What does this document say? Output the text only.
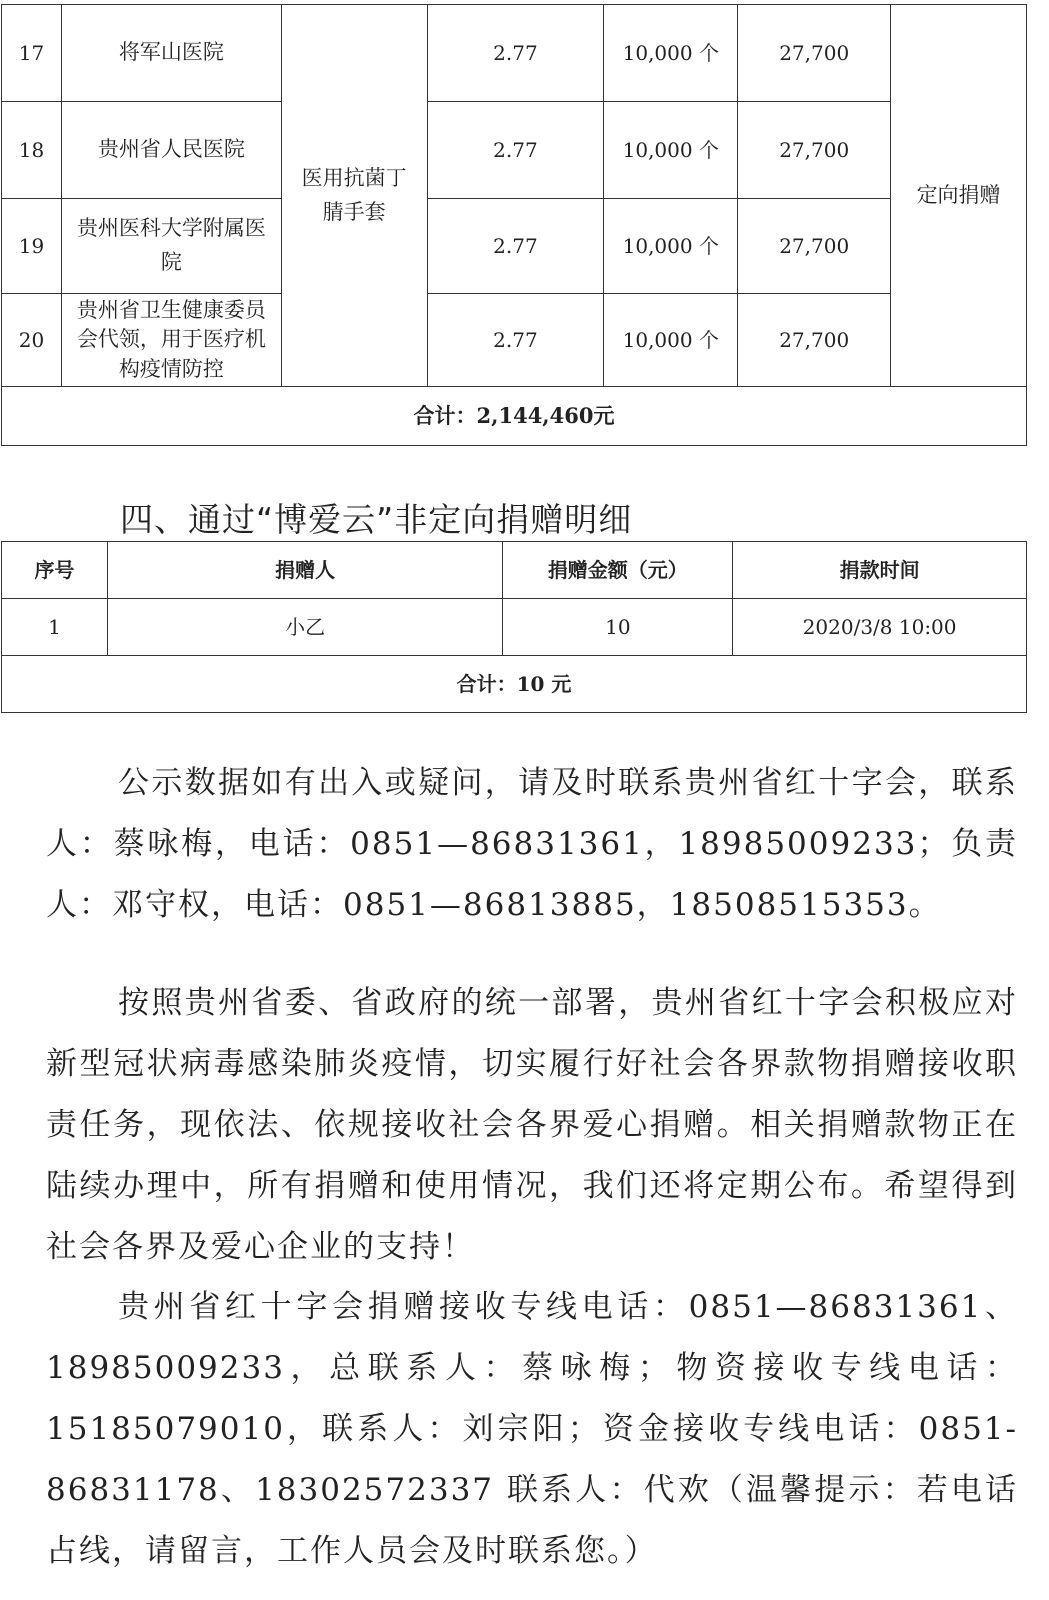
17	将军山医院	医用抗菌丁腈手套	2.77	10,000 个	27,700	定向捐赠
18	贵州省人民医院		2.77	10,000 个	27,700	
19	贵州医科大学附属医院		2.77	10,000 个	27,700	
20	贵州省卫生健康委员会代领，用于医疗机构疫情防控		2.77	10,000 个	27,700	
合计：2,144,460元						
四、通过“博爱云”非定向捐赠明细
序号	捐赠人	捐赠金额（元）	捐款时间
1	小乙	10	2020/3/8 10:00
合计：10 元			

公示数据如有出入或疑问，请及时联系贵州省红十字会，联系人：蔡咏梅，电话：0851—86831361，18985009233；负责人：邓守权，电话：0851—86813885，18508515353。

按照贵州省委、省政府的统一部署，贵州省红十字会积极应对新型冠状病毒感染肺炎疫情，切实履行好社会各界款物捐赠接收职责任务，现依法、依规接收社会各界爱心捐赠。相关捐赠款物正在陆续办理中，所有捐赠和使用情况，我们还将定期公布。希望得到社会各界及爱心企业的支持！

贵州省红十字会捐赠接收专线电话：0851—86831361、18985009233，总联系人：蔡咏梅；物资接收专线电话：15185079010，联系人：刘宗阳；资金接收专线电话：0851-86831178、18302572337 联系人：代欢（温馨提示：若电话占线，请留言，工作人员会及时联系您。）
